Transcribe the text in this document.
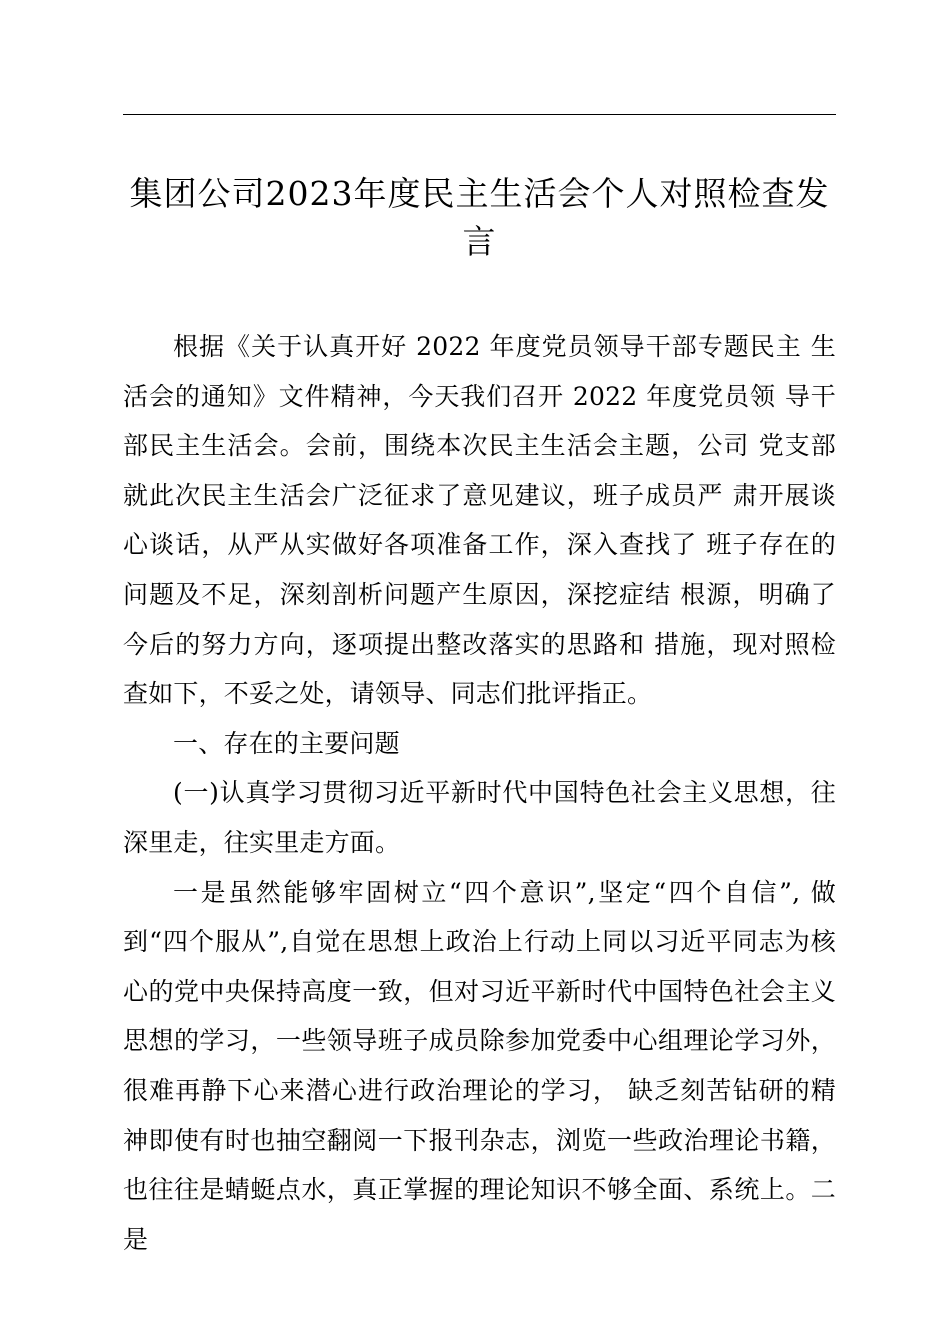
集团公司2023年度民主生活会个人对照检查发言

根据《关于认真开好 2022 年度党员领导干部专题民主 生活会的通知》文件精神，今天我们召开 2022 年度党员领 导干部民主生活会。会前，围绕本次民主生活会主题，公司 党支部就此次民主生活会广泛征求了意见建议，班子成员严 肃开展谈心谈话，从严从实做好各项准备工作，深入查找了 班子存在的问题及不足，深刻剖析问题产生原因，深挖症结 根源，明确了今后的努力方向，逐项提出整改落实的思路和 措施，现对照检查如下，不妥之处，请领导、同志们批评指正。

一、存在的主要问题

(一)认真学习贯彻习近平新时代中国特色社会主义思想，往深里走，往实里走方面。

一是虽然能够牢固树立“四个意识”,坚定“四个自信”, 做到“四个服从”,自觉在思想上政治上行动上同以习近平同志为核心的党中央保持高度一致，但对习近平新时代中国特色社会主义思想的学习，一些领导班子成员除参加党委中心组理论学习外，很难再静下心来潜心进行政治理论的学习， 缺乏刻苦钻研的精神即使有时也抽空翻阅一下报刊杂志，浏览一些政治理论书籍，也往往是蜻蜓点水，真正掌握的理论知识不够全面、系统上。二是
